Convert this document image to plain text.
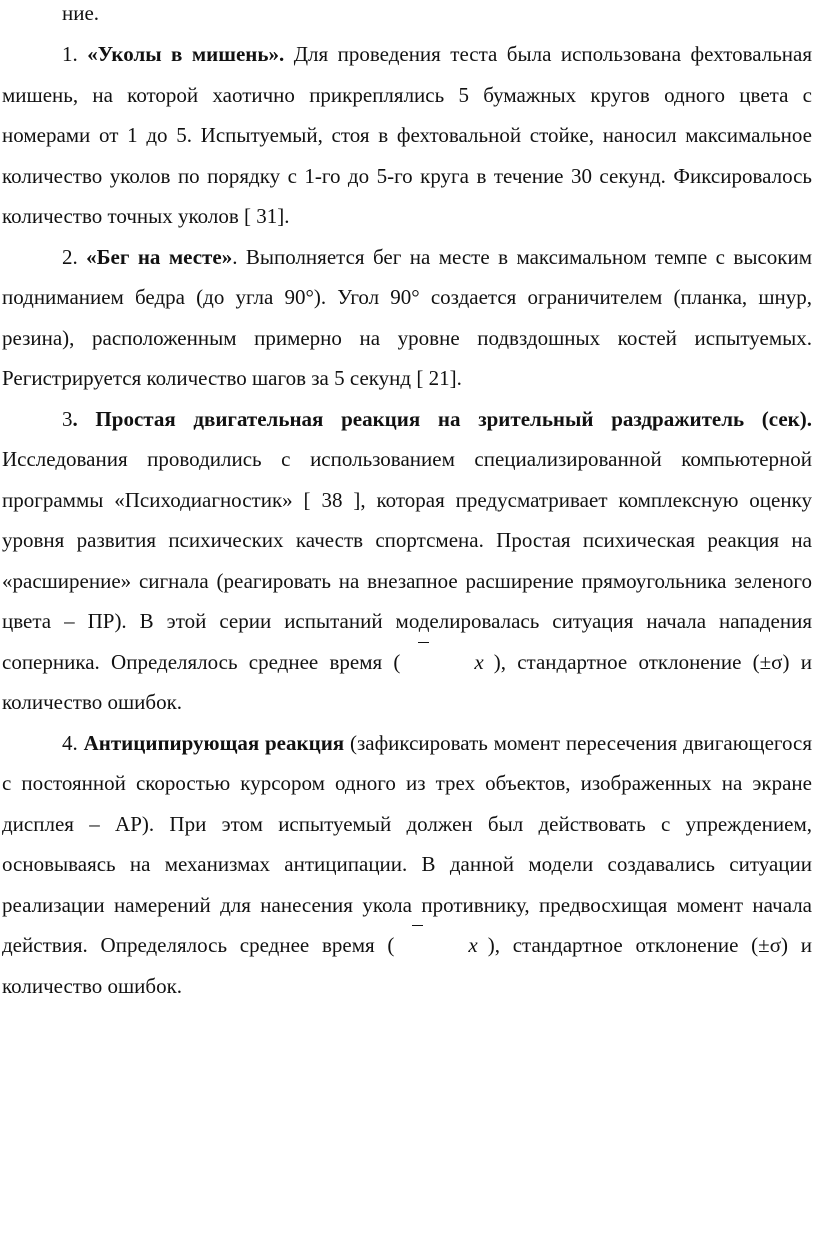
ние.

1. «Уколы в мишень». Для проведения теста была использована фехтовальная мишень, на которой хаотично прикреплялись 5 бумажных кругов одного цвета с номерами от 1 до 5. Испытуемый, стоя в фехтовальной стойке, наносил максимальное количество уколов по порядку с 1-го до 5-го круга в течение 30 секунд. Фиксировалось количество точных уколов [ 31].

2. «Бег на месте». Выполняется бег на месте в максимальном темпе с высоким подниманием бедра (до угла 90°). Угол 90° создается ограничителем (планка, шнур, резина), расположенным примерно на уровне подвздошных костей испытуемых. Регистрируется количество шагов за 5 секунд [ 21].

3. Простая двигательная реакция на зрительный раздражитель (сек). Исследования проводились с использованием специализированной компьютерной программы «Психодиагностик» [ 38 ], которая предусматривает комплексную оценку уровня развития психических качеств спортсмена. Простая психическая реакция на «расширение» сигнала (реагировать на внезапное расширение прямоугольника зеленого цвета – ПР). В этой серии испытаний моделировалась ситуация начала нападения соперника. Определялось среднее время (	x ), стандартное отклонение (±σ) и количество ошибок.

4. Антиципирующая реакция (зафиксировать момент пересечения двигающегося с постоянной скоростью курсором одного из трех объектов, изображенных на экране дисплея – АР). При этом испытуемый должен был действовать с упреждением, основываясь на механизмах антиципации. В данной модели создавались ситуации реализации намерений для нанесения укола противнику, предвосхищая момент начала действия. Определялось среднее время (	x ), стандартное отклонение (±σ) и количество ошибок.
